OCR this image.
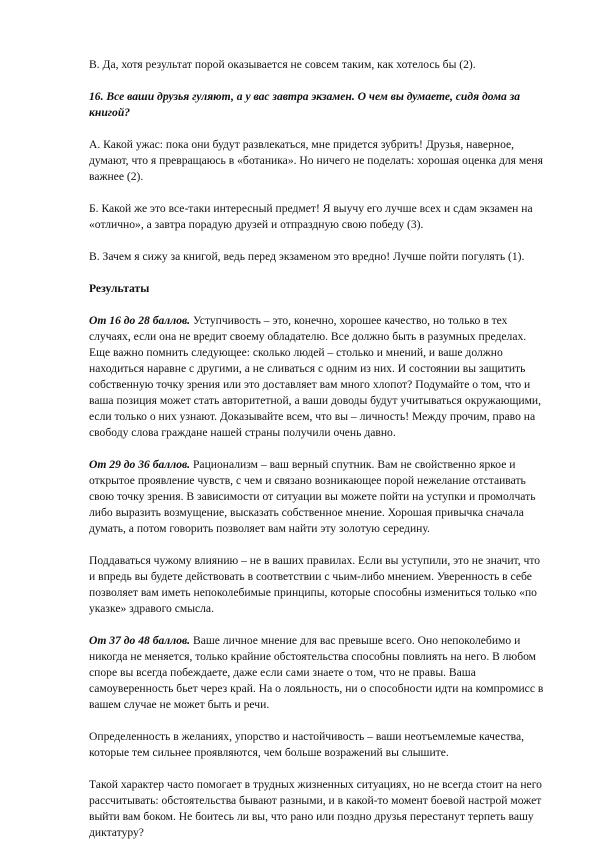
В. Да, хотя результат порой оказывается не совсем таким, как хотелось бы (2).

16. Все ваши друзья гуляют, а у вас завтра экзамен. О чем вы думаете, сидя дома за книгой?

А. Какой ужас: пока они будут развлекаться, мне придется зубрить! Друзья, наверное, думают, что я превращаюсь в «ботаника». Но ничего не поделать: хорошая оценка для меня важнее (2).

Б. Какой же это все-таки интересный предмет! Я выучу его лучше всех и сдам экзамен на «отлично», а завтра порадую друзей и отпраздную свою победу (3).

В. Зачем я сижу за книгой, ведь перед экзаменом это вредно! Лучше пойти погулять (1).

Результаты

От 16 до 28 баллов. Уступчивость – это, конечно, хорошее качество, но только в тех случаях, если она не вредит своему обладателю. Все должно быть в разумных пределах. Еще важно помнить следующее: сколько людей – столько и мнений, и ваше должно находиться наравне с другими, а не сливаться с одним из них. И состоянии вы защитить собственную точку зрения или это доставляет вам много хлопот? Подумайте о том, что и ваша позиция может стать авторитетной, а ваши доводы будут учитываться окружающими, если только о них узнают. Доказывайте всем, что вы – личность! Между прочим, право на свободу слова граждане нашей страны получили очень давно.

От 29 до 36 баллов. Рационализм – ваш верный спутник. Вам не свойственно яркое и открытое проявление чувств, с чем и связано возникающее порой нежелание отстаивать свою точку зрения. В зависимости от ситуации вы можете пойти на уступки и промолчать либо выразить возмущение, высказать собственное мнение. Хорошая привычка сначала думать, а потом говорить позволяет вам найти эту золотую середину.

Поддаваться чужому влиянию – не в ваших правилах. Если вы уступили, это не значит, что и впредь вы будете действовать в соответствии с чьим-либо мнением. Уверенность в себе позволяет вам иметь непоколебимые принципы, которые способны измениться только «по указке» здравого смысла.

От 37 до 48 баллов. Ваше личное мнение для вас превыше всего. Оно непоколебимо и никогда не меняется, только крайние обстоятельства способны повлиять на него. В любом споре вы всегда побеждаете, даже если сами знаете о том, что не правы. Ваша самоуверенность бьет через край. На о лояльность, ни о способности идти на компромисс в вашем случае не может быть и речи.

Определенность в желаниях, упорство и настойчивость – ваши неотъемлемые качества, которые тем сильнее проявляются, чем больше возражений вы слышите.

Такой характер часто помогает в трудных жизненных ситуациях, но не всегда стоит на него рассчитывать: обстоятельства бывают разными, и в какой-то момент боевой настрой может выйти вам боком. Не боитесь ли вы, что рано или поздно друзья перестанут терпеть вашу диктатуру?
